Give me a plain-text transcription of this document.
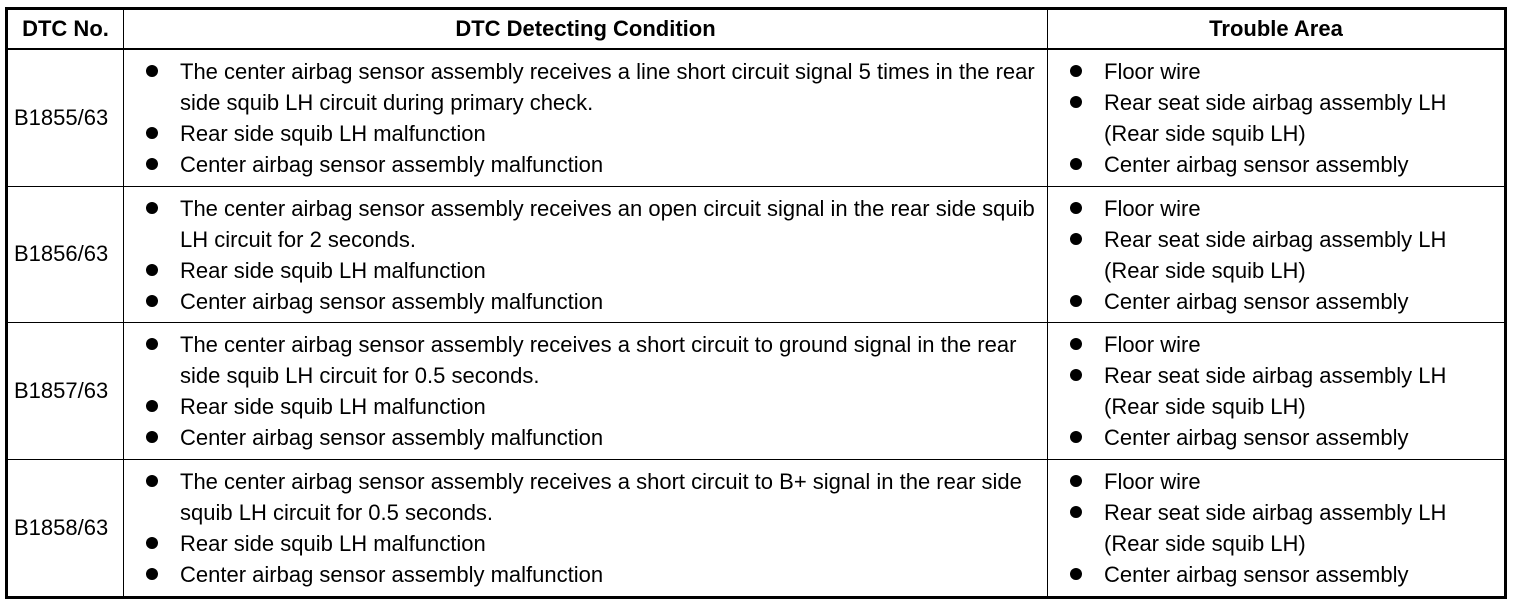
DTC No.	DTC Detecting Condition	Trouble Area
B1855/63
The center airbag sensor assembly receives a line short circuit signal 5 times in the rear side squib LH circuit during primary check.
Rear side squib LH malfunction
Center airbag sensor assembly malfunction
Floor wire
Rear seat side airbag assembly LH (Rear side squib LH)
Center airbag sensor assembly
B1856/63
The center airbag sensor assembly receives an open circuit signal in the rear side squib LH circuit for 2 seconds.
Rear side squib LH malfunction
Center airbag sensor assembly malfunction
Floor wire
Rear seat side airbag assembly LH (Rear side squib LH)
Center airbag sensor assembly
B1857/63
The center airbag sensor assembly receives a short circuit to ground signal in the rear side squib LH circuit for 0.5 seconds.
Rear side squib LH malfunction
Center airbag sensor assembly malfunction
Floor wire
Rear seat side airbag assembly LH (Rear side squib LH)
Center airbag sensor assembly
B1858/63
The center airbag sensor assembly receives a short circuit to B+ signal in the rear side squib LH circuit for 0.5 seconds.
Rear side squib LH malfunction
Center airbag sensor assembly malfunction
Floor wire
Rear seat side airbag assembly LH (Rear side squib LH)
Center airbag sensor assembly
